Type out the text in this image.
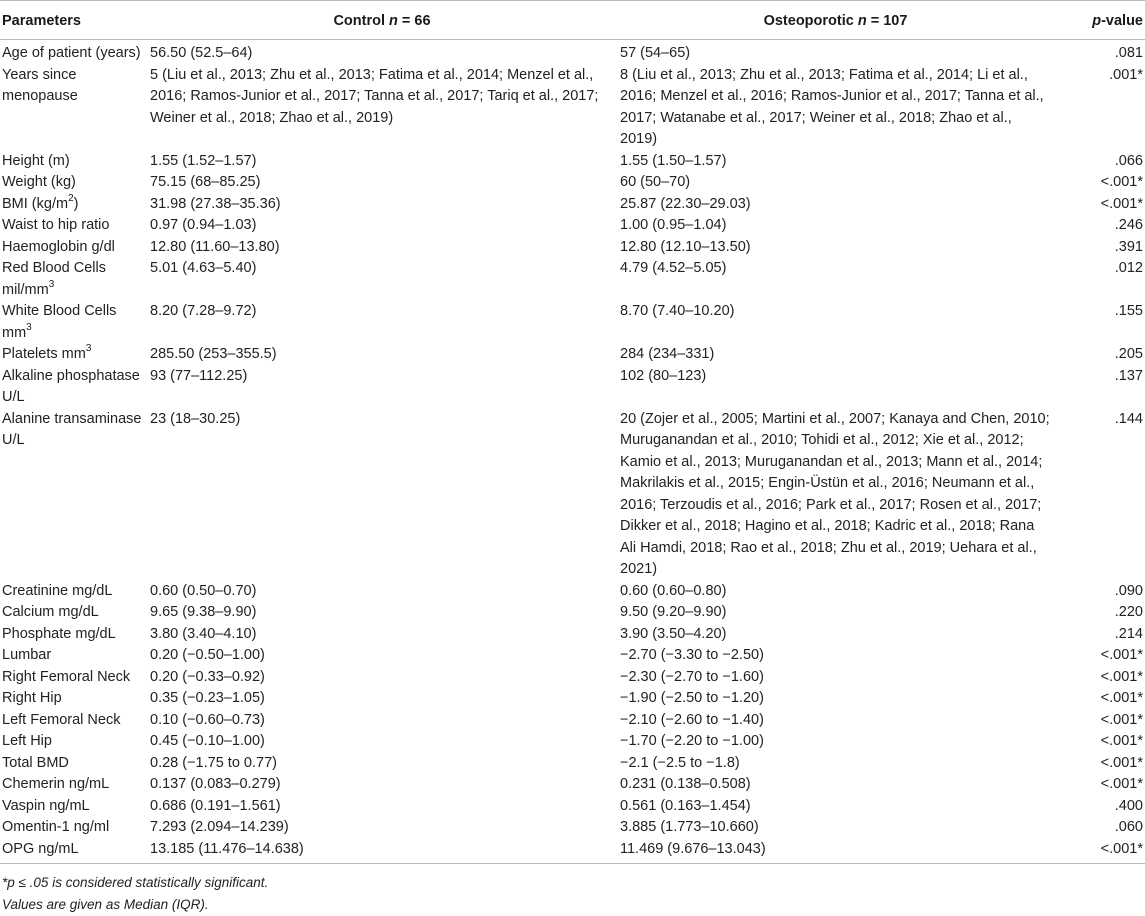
Parameters	Control n = 66	Osteoporotic n = 107	p-value
Age of patient (years)	56.50 (52.5–64)	57 (54–65)	.081
Years since menopause	5 (Liu et al., 2013; Zhu et al., 2013; Fatima et al., 2014; Menzel et al., 2016; Ramos-Junior et al., 2017; Tanna et al., 2017; Tariq et al., 2017; Weiner et al., 2018; Zhao et al., 2019)	8 (Liu et al., 2013; Zhu et al., 2013; Fatima et al., 2014; Li et al., 2016; Menzel et al., 2016; Ramos-Junior et al., 2017; Tanna et al., 2017; Watanabe et al., 2017; Weiner et al., 2018; Zhao et al., 2019)	.001*
Height (m)	1.55 (1.52–1.57)	1.55 (1.50–1.57)	.066
Weight (kg)	75.15 (68–85.25)	60 (50–70)	<.001*
BMI $(kg/m^2)$	31.98 (27.38–35.36)	25.87 (22.30–29.03)	<.001*
Waist to hip ratio	0.97 (0.94–1.03)	1.00 (0.95–1.04)	.246
Haemoglobin g/dl	12.80 (11.60–13.80)	12.80 (12.10–13.50)	.391
Red Blood Cells mil/$mm^3$	5.01 (4.63–5.40)	4.79 (4.52–5.05)	.012
White Blood Cells $mm^3$	8.20 (7.28–9.72)	8.70 (7.40–10.20)	.155
Platelets $mm^3$	285.50 (253–355.5)	284 (234–331)	.205
Alkaline phosphatase U/L	93 (77–112.25)	102 (80–123)	.137
Alanine transaminase U/L	23 (18–30.25)	20 (Zojer et al., 2005; Martini et al., 2007; Kanaya and Chen, 2010; Muruganandan et al., 2010; Tohidi et al., 2012; Xie et al., 2012; Kamio et al., 2013; Muruganandan et al., 2013; Mann et al., 2014; Makrilakis et al., 2015; Engin-Üstün et al., 2016; Neumann et al., 2016; Terzoudis et al., 2016; Park et al., 2017; Rosen et al., 2017; Dikker et al., 2018; Hagino et al., 2018; Kadric et al., 2018; Rana Ali Hamdi, 2018; Rao et al., 2018; Zhu et al., 2019; Uehara et al., 2021)	.144
Creatinine mg/dL	0.60 (0.50–0.70)	0.60 (0.60–0.80)	.090
Calcium mg/dL	9.65 (9.38–9.90)	9.50 (9.20–9.90)	.220
Phosphate mg/dL	3.80 (3.40–4.10)	3.90 (3.50–4.20)	.214
Lumbar	0.20 (−0.50–1.00)	−2.70 (−3.30 to −2.50)	<.001*
Right Femoral Neck	0.20 (−0.33–0.92)	−2.30 (−2.70 to −1.60)	<.001*
Right Hip	0.35 (−0.23–1.05)	−1.90 (−2.50 to −1.20)	<.001*
Left Femoral Neck	0.10 (−0.60–0.73)	−2.10 (−2.60 to −1.40)	<.001*
Left Hip	0.45 (−0.10–1.00)	−1.70 (−2.20 to −1.00)	<.001*
Total BMD	0.28 (−1.75 to 0.77)	−2.1 (−2.5 to −1.8)	<.001*
Chemerin ng/mL	0.137 (0.083–0.279)	0.231 (0.138–0.508)	<.001*
Vaspin ng/mL	0.686 (0.191–1.561)	0.561 (0.163–1.454)	.400
Omentin-1 ng/ml	7.293 (2.094–14.239)	3.885 (1.773–10.660)	.060
OPG ng/mL	13.185 (11.476–14.638)	11.469 (9.676–13.043)	<.001*
*p ≤ .05 is considered statistically significant.
Values are given as Median (IQR).
